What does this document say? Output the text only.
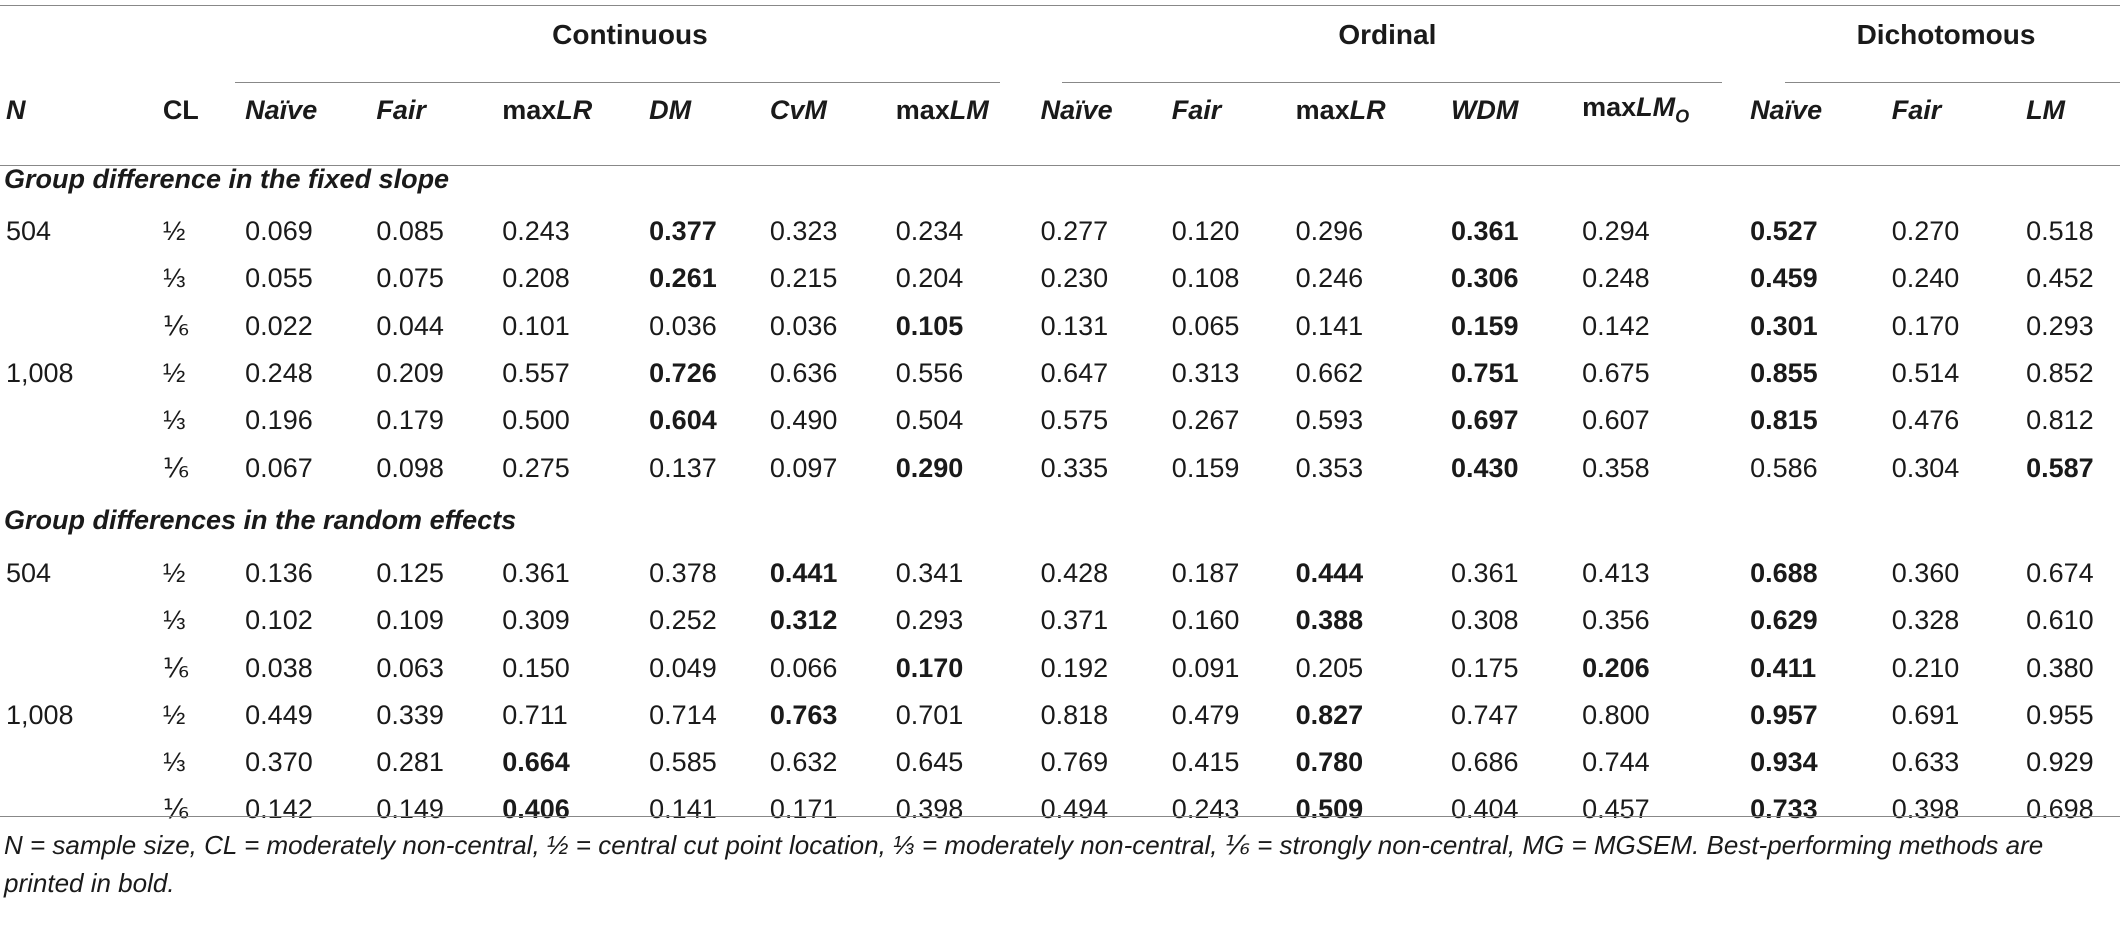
		Continuous						Ordinal					Dichotomous		
N	CL	Naïve	Fair	maxLR	DM	CvM	maxLM	Naïve	Fair	maxLR	WDM	maxLM$_O$	Naïve	Fair	LM
Group difference in the fixed slope															
504	½	0.069	0.085	0.243	0.377	0.323	0.234	0.277	0.120	0.296	0.361	0.294	0.527	0.270	0.518
	⅓	0.055	0.075	0.208	0.261	0.215	0.204	0.230	0.108	0.246	0.306	0.248	0.459	0.240	0.452
	⅙	0.022	0.044	0.101	0.036	0.036	0.105	0.131	0.065	0.141	0.159	0.142	0.301	0.170	0.293
1,008	½	0.248	0.209	0.557	0.726	0.636	0.556	0.647	0.313	0.662	0.751	0.675	0.855	0.514	0.852
	⅓	0.196	0.179	0.500	0.604	0.490	0.504	0.575	0.267	0.593	0.697	0.607	0.815	0.476	0.812
	⅙	0.067	0.098	0.275	0.137	0.097	0.290	0.335	0.159	0.353	0.430	0.358	0.586	0.304	0.587
Group differences in the random effects															
504	½	0.136	0.125	0.361	0.378	0.441	0.341	0.428	0.187	0.444	0.361	0.413	0.688	0.360	0.674
	⅓	0.102	0.109	0.309	0.252	0.312	0.293	0.371	0.160	0.388	0.308	0.356	0.629	0.328	0.610
	⅙	0.038	0.063	0.150	0.049	0.066	0.170	0.192	0.091	0.205	0.175	0.206	0.411	0.210	0.380
1,008	½	0.449	0.339	0.711	0.714	0.763	0.701	0.818	0.479	0.827	0.747	0.800	0.957	0.691	0.955
	⅓	0.370	0.281	0.664	0.585	0.632	0.645	0.769	0.415	0.780	0.686	0.744	0.934	0.633	0.929
	⅙	0.142	0.149	0.406	0.141	0.171	0.398	0.494	0.243	0.509	0.404	0.457	0.733	0.398	0.698
N = sample size, CL = moderately non-central, ½ = central cut point location, ⅓ = moderately non-central, ⅙ = strongly non-central, MG = MGSEM. Best-performing methods are printed in bold.
